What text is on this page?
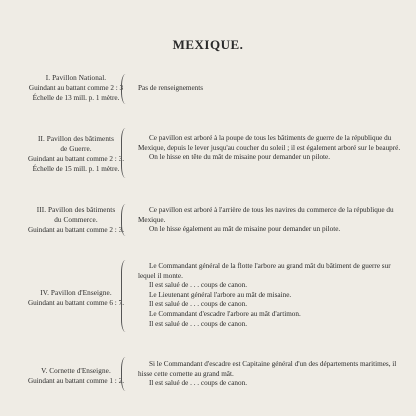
MEXIQUE.
I. Pavillon National.
Guindant au battant comme 2 : 3
Échelle de 13 mill. p. 1 mètre.

Pas de renseignements

II. Pavillon des bâtiments
de Guerre.
Guindant au battant comme 2 : 3.
Échelle de 15 mill. p. 1 mètre.

Ce pavillon est arboré à la poupe de tous les bâtiments de guerre de la république du Mexique, depuis le lever jusqu'au coucher du soleil ; il est également arboré sur le beaupré.

On le hisse en tête du mât de misaine pour demander un pilote.

III. Pavillon des bâtiments
du Commerce.
Guindant au battant comme 2 : 3.

Ce pavillon est arboré à l'arrière de tous les navires du commerce de la république du Mexique.

On le hisse également au mât de misaine pour demander un pilote.

IV. Pavillon d'Enseigne.
Guindant au battant comme 6 : 7.

Le Commandant général de la flotte l'arbore au grand mât du bâtiment de guerre sur lequel il monte.

Il est salué de . . . coups de canon.

Le Lieutenant général l'arbore au mât de misaine.

Il est salué de . . . coups de canon.

Le Commandant d'escadre l'arbore au mât d'artimon.

Il est salué de . . . coups de canon.

V. Cornette d'Enseigne.
Guindant au battant comme 1 : 2.

Si le Commandant d'escadre est Capitaine général d'un des départements maritimes, il hisse cette cornette au grand mât.

Il est salué de . . . coups de canon.
